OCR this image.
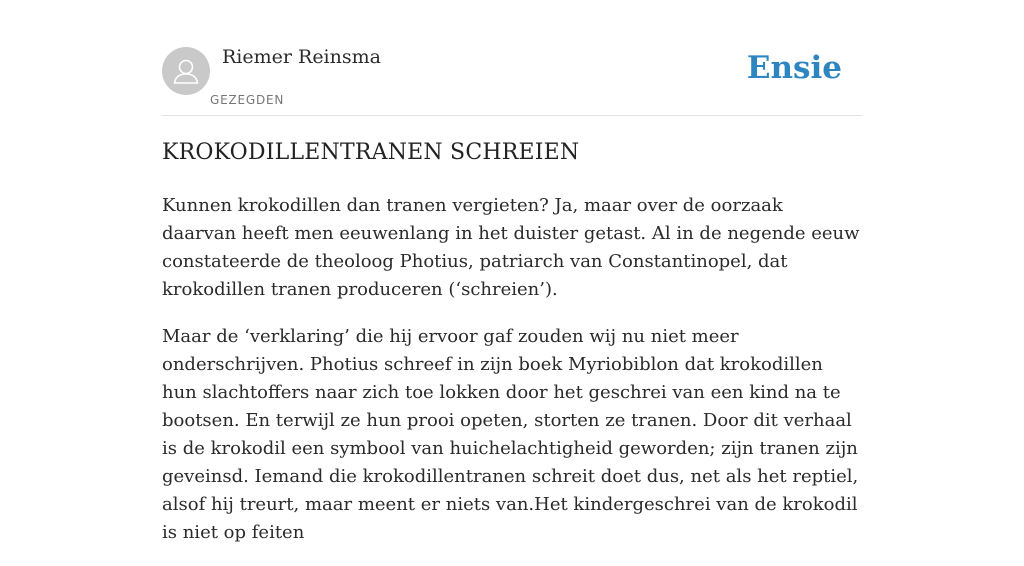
Riemer Reinsma
GEZEGDEN
Ensie
KROKODILLENTRANEN SCHREIEN

Kunnen krokodillen dan tranen vergieten? Ja, maar over de oorzaak daarvan heeft men eeuwenlang in het duister getast. Al in de negende eeuw constateerde de theoloog Photius, patriarch van Constantinopel, dat krokodillen tranen produceren (‘schreien’).

Maar de ‘verklaring’ die hij ervoor gaf zouden wij nu niet meer onderschrijven. Photius schreef in zijn boek Myriobiblon dat krokodillen hun slachtoffers naar zich toe lokken door het geschrei van een kind na te bootsen. En terwijl ze hun prooi opeten, storten ze tranen. Door dit verhaal is de krokodil een symbool van huichelachtigheid geworden; zijn tranen zijn geveinsd. Iemand die krokodillentranen schreit doet dus, net als het reptiel, alsof hij treurt, maar meent er niets van.Het kindergeschrei van de krokodil is niet op feiten
